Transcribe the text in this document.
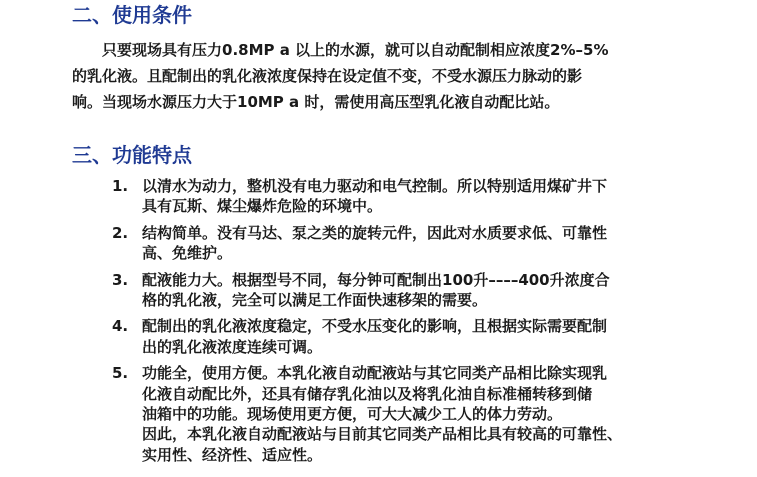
二、使用条件
只要现场具有压力0.8MP a 以上的水源，就可以自动配制相应浓度2%–5%
的乳化液。且配制出的乳化液浓度保持在设定值不变，不受水源压力脉动的影
响。当现场水源压力大于10MP a 时，需使用高压型乳化液自动配比站。
三、功能特点
1. 以清水为动力，整机没有电力驱动和电气控制。所以特别适用煤矿井下
具有瓦斯、煤尘爆炸危险的环境中。
2. 结构简单。没有马达、泵之类的旋转元件，因此对水质要求低、可靠性
高、免维护。
3. 配液能力大。根据型号不同，每分钟可配制出100升––––400升浓度合
格的乳化液，完全可以满足工作面快速移架的需要。
4. 配制出的乳化液浓度稳定，不受水压变化的影响，且根据实际需要配制
出的乳化液浓度连续可调。
5. 功能全，使用方便。本乳化液自动配液站与其它同类产品相比除实现乳
化液自动配比外，还具有储存乳化油以及将乳化油自标准桶转移到储
油箱中的功能。现场使用更方便，可大大减少工人的体力劳动。
因此，本乳化液自动配液站与目前其它同类产品相比具有较高的可靠性、
实用性、经济性、适应性。
